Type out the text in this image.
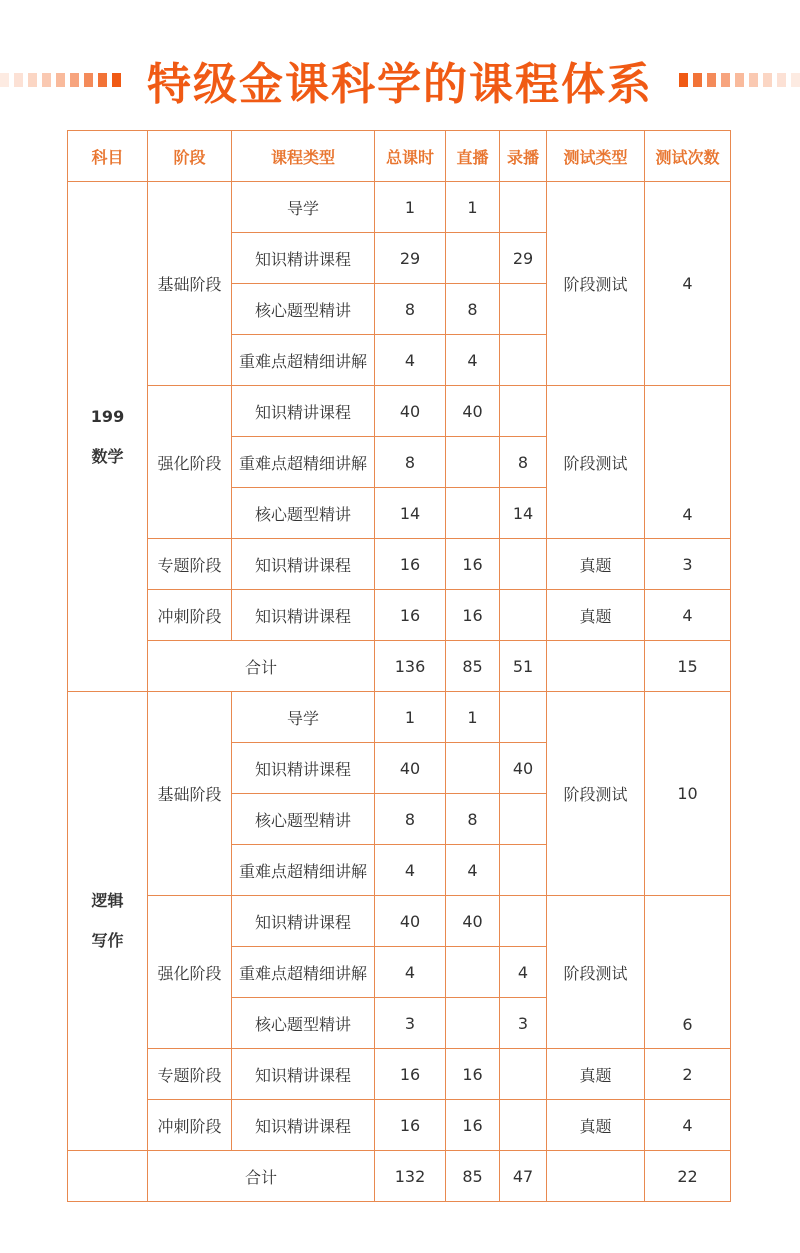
特级金课科学的课程体系
科目	阶段	课程类型	总课时	直播	录播	测试类型	测试次数

199
数学	基础阶段	导学	1	1		阶段测试	4
		知识精讲课程	29		29		
		核心题型精讲	8	8			
		重难点超精细讲解	4	4			
	强化阶段	知识精讲课程	40	40		阶段测试	4
		重难点超精细讲解	8		8		
		核心题型精讲	14		14		
	专题阶段	知识精讲课程	16	16		真题	3
	冲刺阶段	知识精讲课程	16	16		真题	4
	合计		136	85	51		15

逻辑
写作	基础阶段	导学	1	1		阶段测试	10
		知识精讲课程	40		40		
		核心题型精讲	8	8			
		重难点超精细讲解	4	4			
	强化阶段	知识精讲课程	40	40		阶段测试	6
		重难点超精细讲解	4		4		
		核心题型精讲	3		3		
	专题阶段	知识精讲课程	16	16		真题	2
	冲刺阶段	知识精讲课程	16	16		真题	4
	合计		132	85	47		22
